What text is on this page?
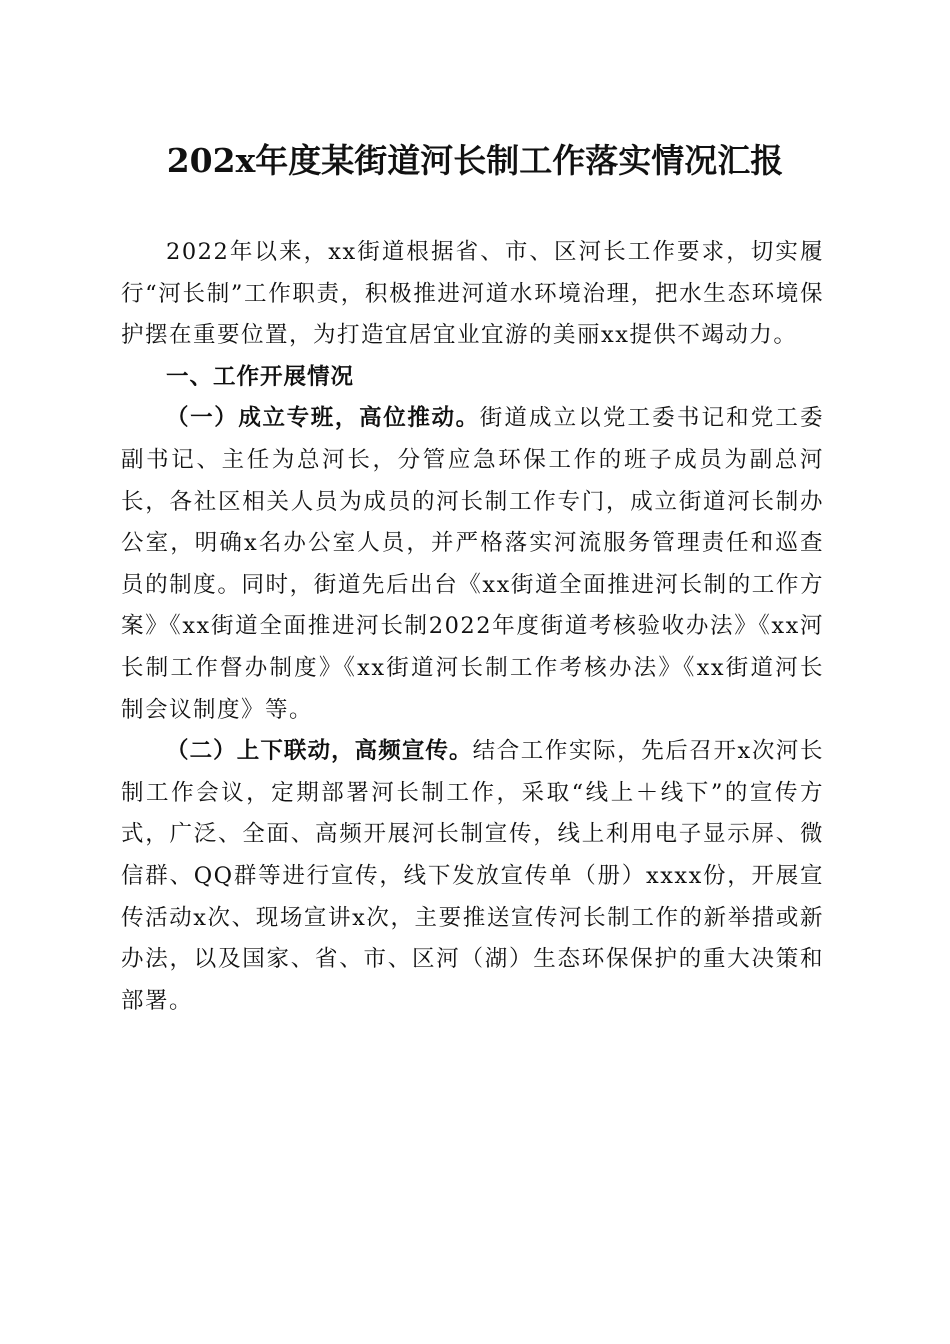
202x年度某街道河长制工作落实情况汇报

2022年以来，xx街道根据省、市、区河长工作要求，切实履行“河长制”工作职责，积极推进河道水环境治理，把水生态环境保护摆在重要位置，为打造宜居宜业宜游的美丽xx提供不竭动力。

一、工作开展情况

（一）成立专班，高位推动。街道成立以党工委书记和党工委副书记、主任为总河长，分管应急环保工作的班子成员为副总河长，各社区相关人员为成员的河长制工作专门，成立街道河长制办公室，明确x名办公室人员，并严格落实河流服务管理责任和巡查员的制度。同时，街道先后出台《xx街道全面推进河长制的工作方案》《xx街道全面推进河长制2022年度街道考核验收办法》《xx河长制工作督办制度》《xx街道河长制工作考核办法》《xx街道河长制会议制度》等。

（二）上下联动，高频宣传。结合工作实际，先后召开x次河长制工作会议，定期部署河长制工作，采取“线上＋线下”的宣传方式，广泛、全面、高频开展河长制宣传，线上利用电子显示屏、微信群、QQ群等进行宣传，线下发放宣传单（册）xxxx份，开展宣传活动x次、现场宣讲x次，主要推送宣传河长制工作的新举措或新办法，以及国家、省、市、区河（湖）生态环保保护的重大决策和部署。
